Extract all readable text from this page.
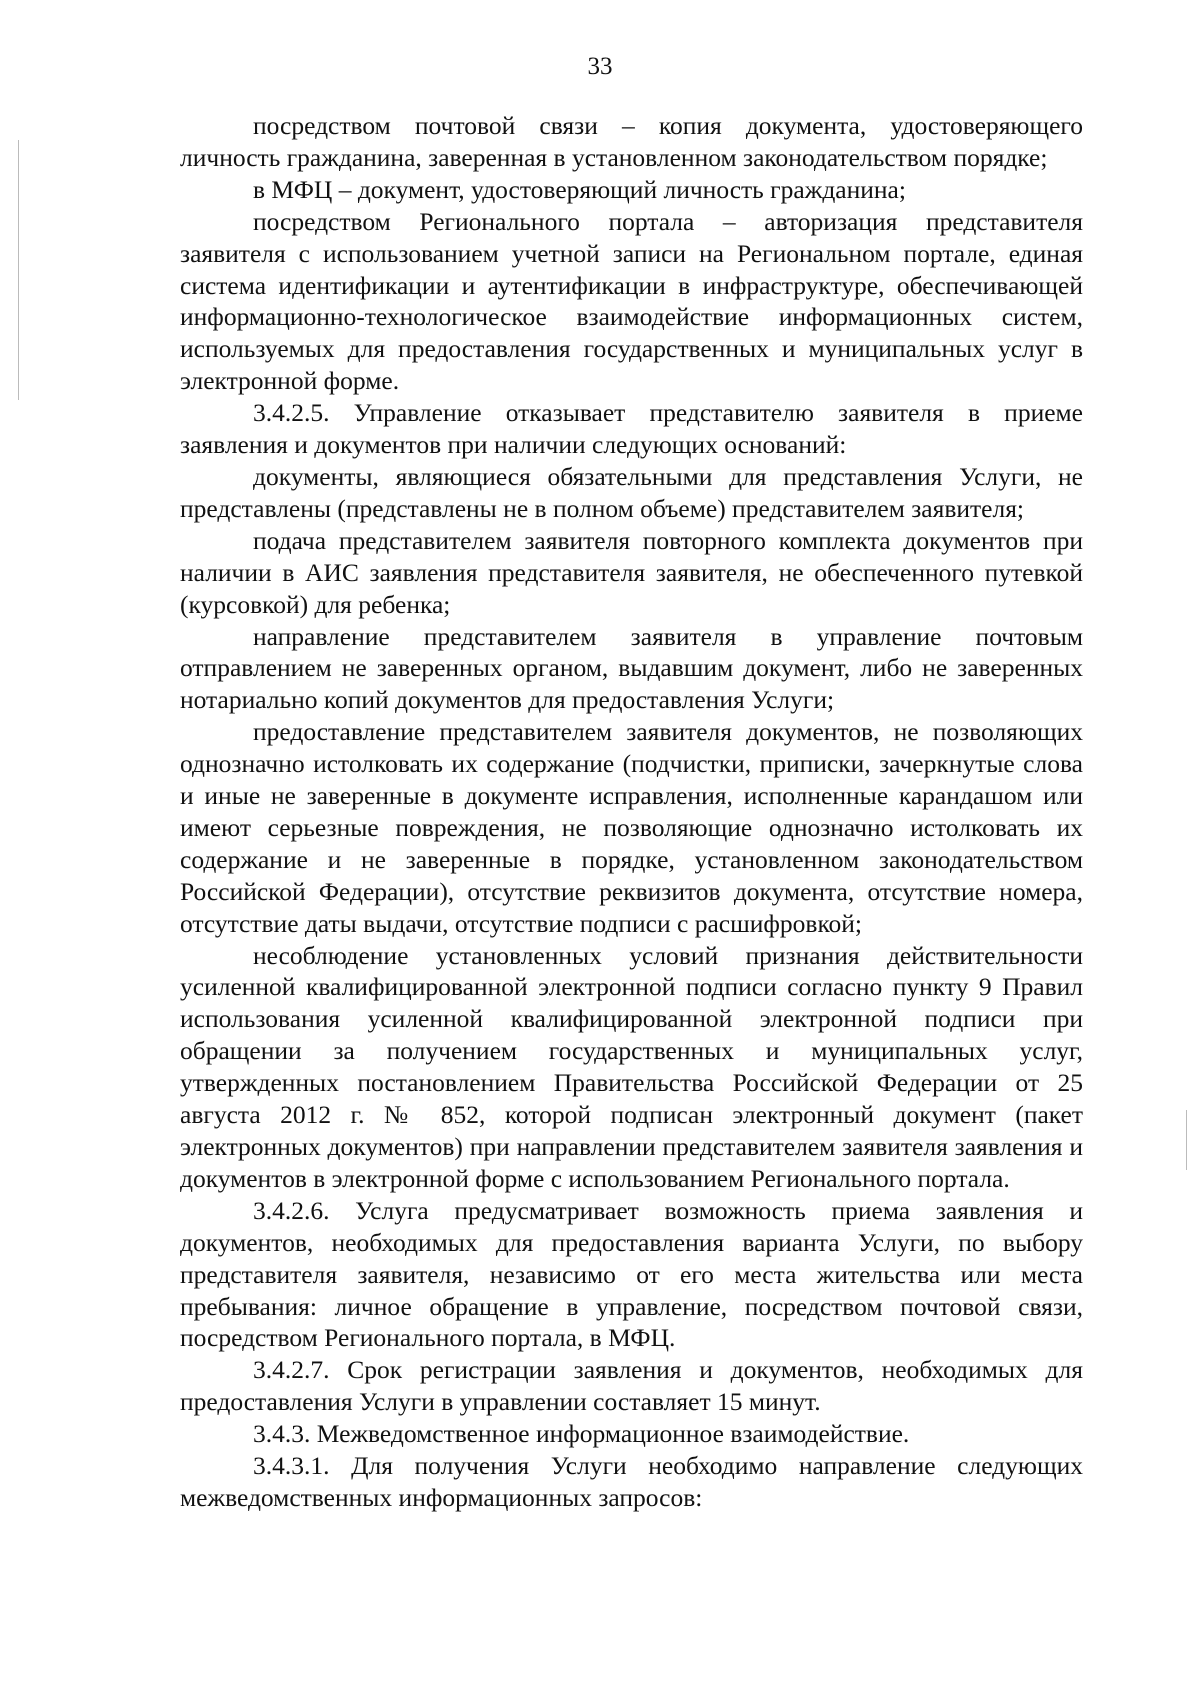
33

посредством почтовой связи – копия документа, удостоверяющего личность гражданина, заверенная в установленном законодательством порядке;

в МФЦ – документ, удостоверяющий личность гражданина;

посредством Регионального портала – авторизация представителя заявителя с использованием учетной записи на Региональном портале, единая система идентификации и аутентификации в инфраструктуре, обеспечивающей информационно-технологическое взаимодействие информационных систем, используемых для предоставления государственных и муниципальных услуг в электронной форме.

3.4.2.5. Управление отказывает представителю заявителя в приеме заявления и документов при наличии следующих оснований:

документы, являющиеся обязательными для представления Услуги, не представлены (представлены не в полном объеме) представителем заявителя;

подача представителем заявителя повторного комплекта документов при наличии в АИС заявления представителя заявителя, не обеспеченного путевкой (курсовкой) для ребенка;

направление представителем заявителя в управление почтовым отправлением не заверенных органом, выдавшим документ, либо не заверенных нотариально копий документов для предоставления Услуги;

предоставление представителем заявителя документов, не позволяющих однозначно истолковать их содержание (подчистки, приписки, зачеркнутые слова и иные не заверенные в документе исправления, исполненные карандашом или имеют серьезные повреждения, не позволяющие однозначно истолковать их содержание и не заверенные в порядке, установленном законодательством Российской Федерации), отсутствие реквизитов документа, отсутствие номера, отсутствие даты выдачи, отсутствие подписи с расшифровкой;

несоблюдение установленных условий признания действительности усиленной квалифицированной электронной подписи согласно пункту 9 Правил использования усиленной квалифицированной электронной подписи при обращении за получением государственных и муниципальных услуг, утвержденных постановлением Правительства Российской Федерации от 25 августа 2012 г. № 852, которой подписан электронный документ (пакет электронных документов) при направлении представителем заявителя заявления и документов в электронной форме с использованием Регионального портала.

3.4.2.6. Услуга предусматривает возможность приема заявления и документов, необходимых для предоставления варианта Услуги, по выбору представителя заявителя, независимо от его места жительства или места пребывания: личное обращение в управление, посредством почтовой связи, посредством Регионального портала, в МФЦ.

3.4.2.7. Срок регистрации заявления и документов, необходимых для предоставления Услуги в управлении составляет 15 минут.

3.4.3. Межведомственное информационное взаимодействие.

3.4.3.1. Для получения Услуги необходимо направление следующих межведомственных информационных запросов:
